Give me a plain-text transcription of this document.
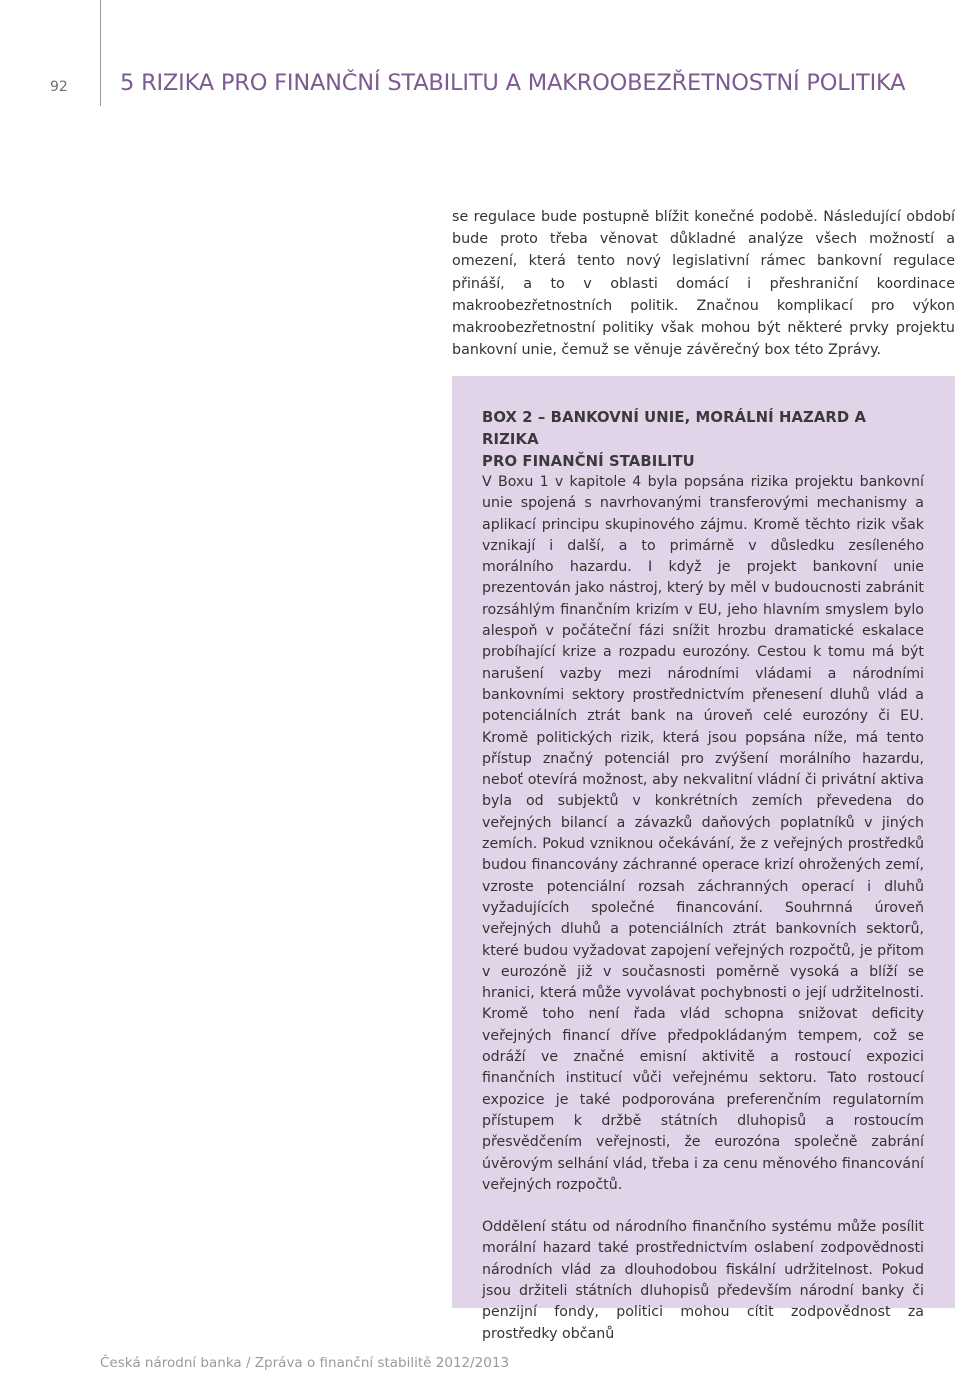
92	5 RIZIKA PRO FINANČNÍ STABILITU A MAKROOBEZŘETNOSTNÍ POLITIKA

se regulace bude postupně blížit konečné podobě. Následující období bude proto třeba věnovat důkladné analýze všech možností a omezení, která tento nový legislativní rámec bankovní regulace přináší, a to v oblasti domácí i přeshraniční koordinace makroobezřetnostních politik. Značnou komplikací pro výkon makroobezřetnostní politiky však mohou být některé prvky projektu bankovní unie, čemuž se věnuje závěrečný box této Zprávy.

BOX 2 – BANKOVNÍ UNIE, MORÁLNÍ HAZARD A RIZIKA
PRO FINANČNÍ STABILITU

V Boxu 1 v kapitole 4 byla popsána rizika projektu bankovní unie spojená s navrhovanými transferovými mechanismy a aplikací principu skupinového zájmu. Kromě těchto rizik však vznikají i další, a to primárně v důsledku zesíleného morálního hazardu. I když je projekt bankovní unie prezentován jako nástroj, který by měl v budoucnosti zabránit rozsáhlým finančním krizím v EU, jeho hlavním smyslem bylo alespoň v počáteční fázi snížit hrozbu dramatické eskalace probíhající krize a rozpadu eurozóny. Cestou k tomu má být narušení vazby mezi národními vládami a národními bankovními sektory prostřednictvím přenesení dluhů vlád a potenciálních ztrát bank na úroveň celé eurozóny či EU. Kromě politických rizik, která jsou popsána níže, má tento přístup značný potenciál pro zvýšení morálního hazardu, neboť otevírá možnost, aby nekvalitní vládní či privátní aktiva byla od subjektů v konkrétních zemích převedena do veřejných bilancí a závazků daňových poplatníků v jiných zemích. Pokud vzniknou očekávání, že z veřejných prostředků budou financovány záchranné operace krizí ohrožených zemí, vzroste potenciální rozsah záchranných operací i dluhů vyžadujících společné financování. Souhrnná úroveň veřejných dluhů a potenciálních ztrát bankovních sektorů, které budou vyžadovat zapojení veřejných rozpočtů, je přitom v eurozóně již v současnosti poměrně vysoká a blíží se hranici, která může vyvolávat pochybnosti o její udržitelnosti. Kromě toho není řada vlád schopna snižovat deficity veřejných financí dříve předpokládaným tempem, což se odráží ve značné emisní aktivitě a rostoucí expozici finančních institucí vůči veřejnému sektoru. Tato rostoucí expozice je také podporována preferenčním regulatorním přístupem k držbě státních dluhopisů a rostoucím přesvědčením veřejnosti, že eurozóna společně zabrání úvěrovým selhání vlád, třeba i za cenu měnového financování veřejných rozpočtů.

Oddělení státu od národního finančního systému může posílit morální hazard také prostřednictvím oslabení zodpovědnosti národních vlád za dlouhodobou fiskální udržitelnost. Pokud jsou držiteli státních dluhopisů především národní banky či penzijní fondy, politici mohou cítit zodpovědnost za prostředky občanů

Česká národní banka / Zpráva o finanční stabilitě 2012/2013
